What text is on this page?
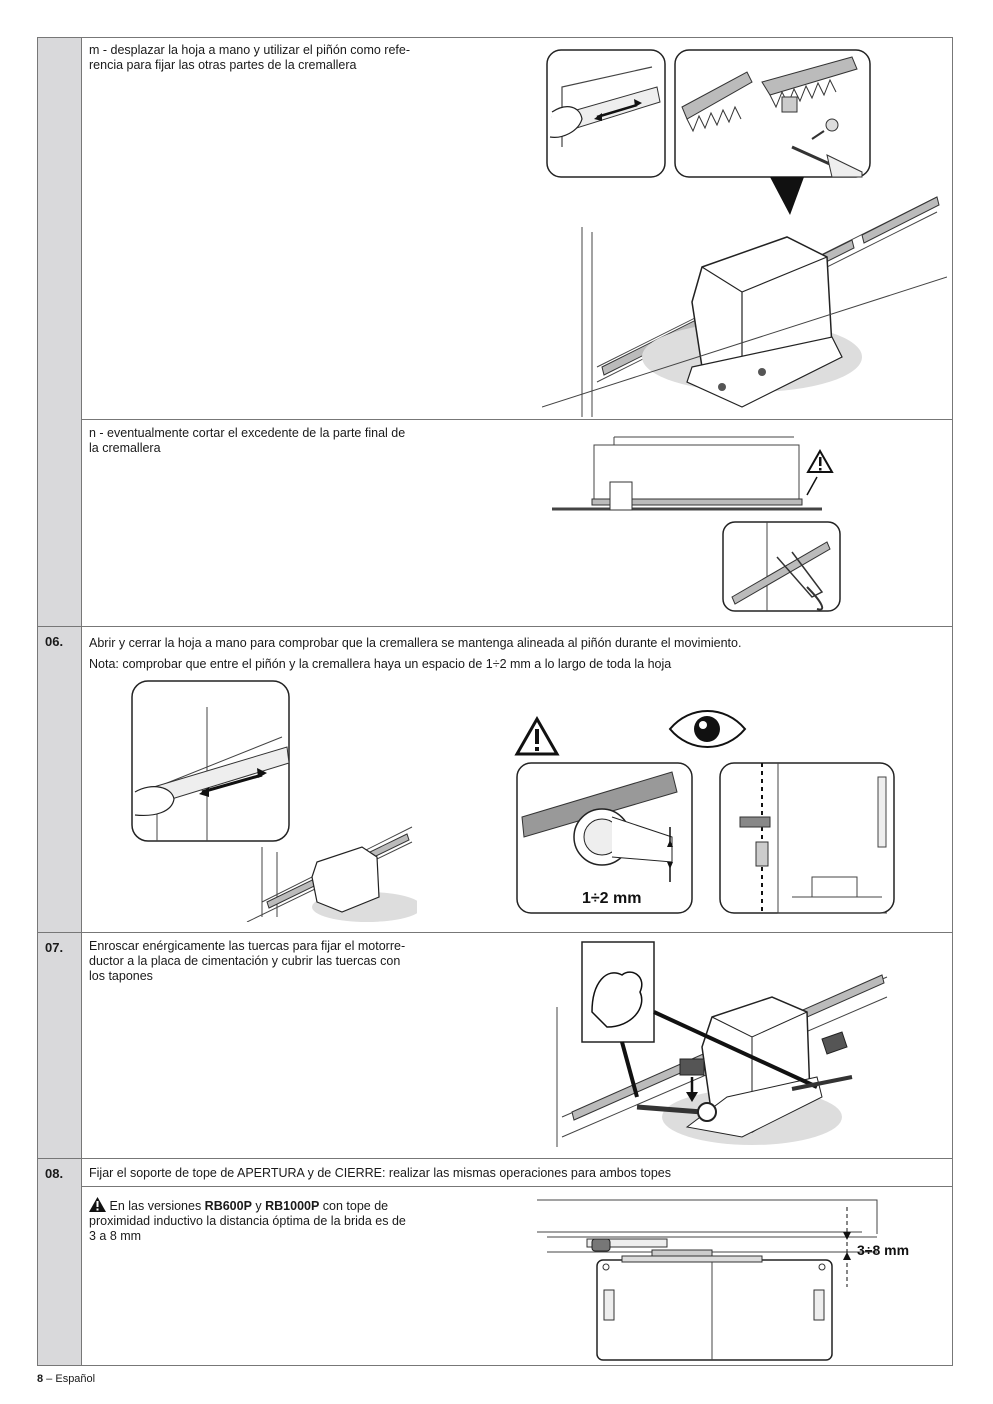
m - desplazar la hoja a mano y utilizar el piñón como refe-
rencia para fijar las otras partes de la cremallera
n - eventualmente cortar el excedente de la parte final de
la cremallera
06. Abrir y cerrar la hoja a mano para comprobar que la cremallera se mantenga alineada al piñón durante el movimiento.
Nota: comprobar que entre el piñón y la cremallera haya un espacio de 1÷2 mm a lo largo de toda la hoja
1÷2 mm
07. Enroscar enérgicamente las tuercas para fijar el motorre-
ductor a la placa de cimentación y cubrir las tuercas con
los tapones
08. Fijar el soporte de tope de APERTURA y de CIERRE: realizar las mismas operaciones para ambos topes
En las versiones RB600P y RB1000P con tope de
proximidad inductivo la distancia óptima de la brida es de
3 a 8 mm
3÷8 mm
8 – Español
